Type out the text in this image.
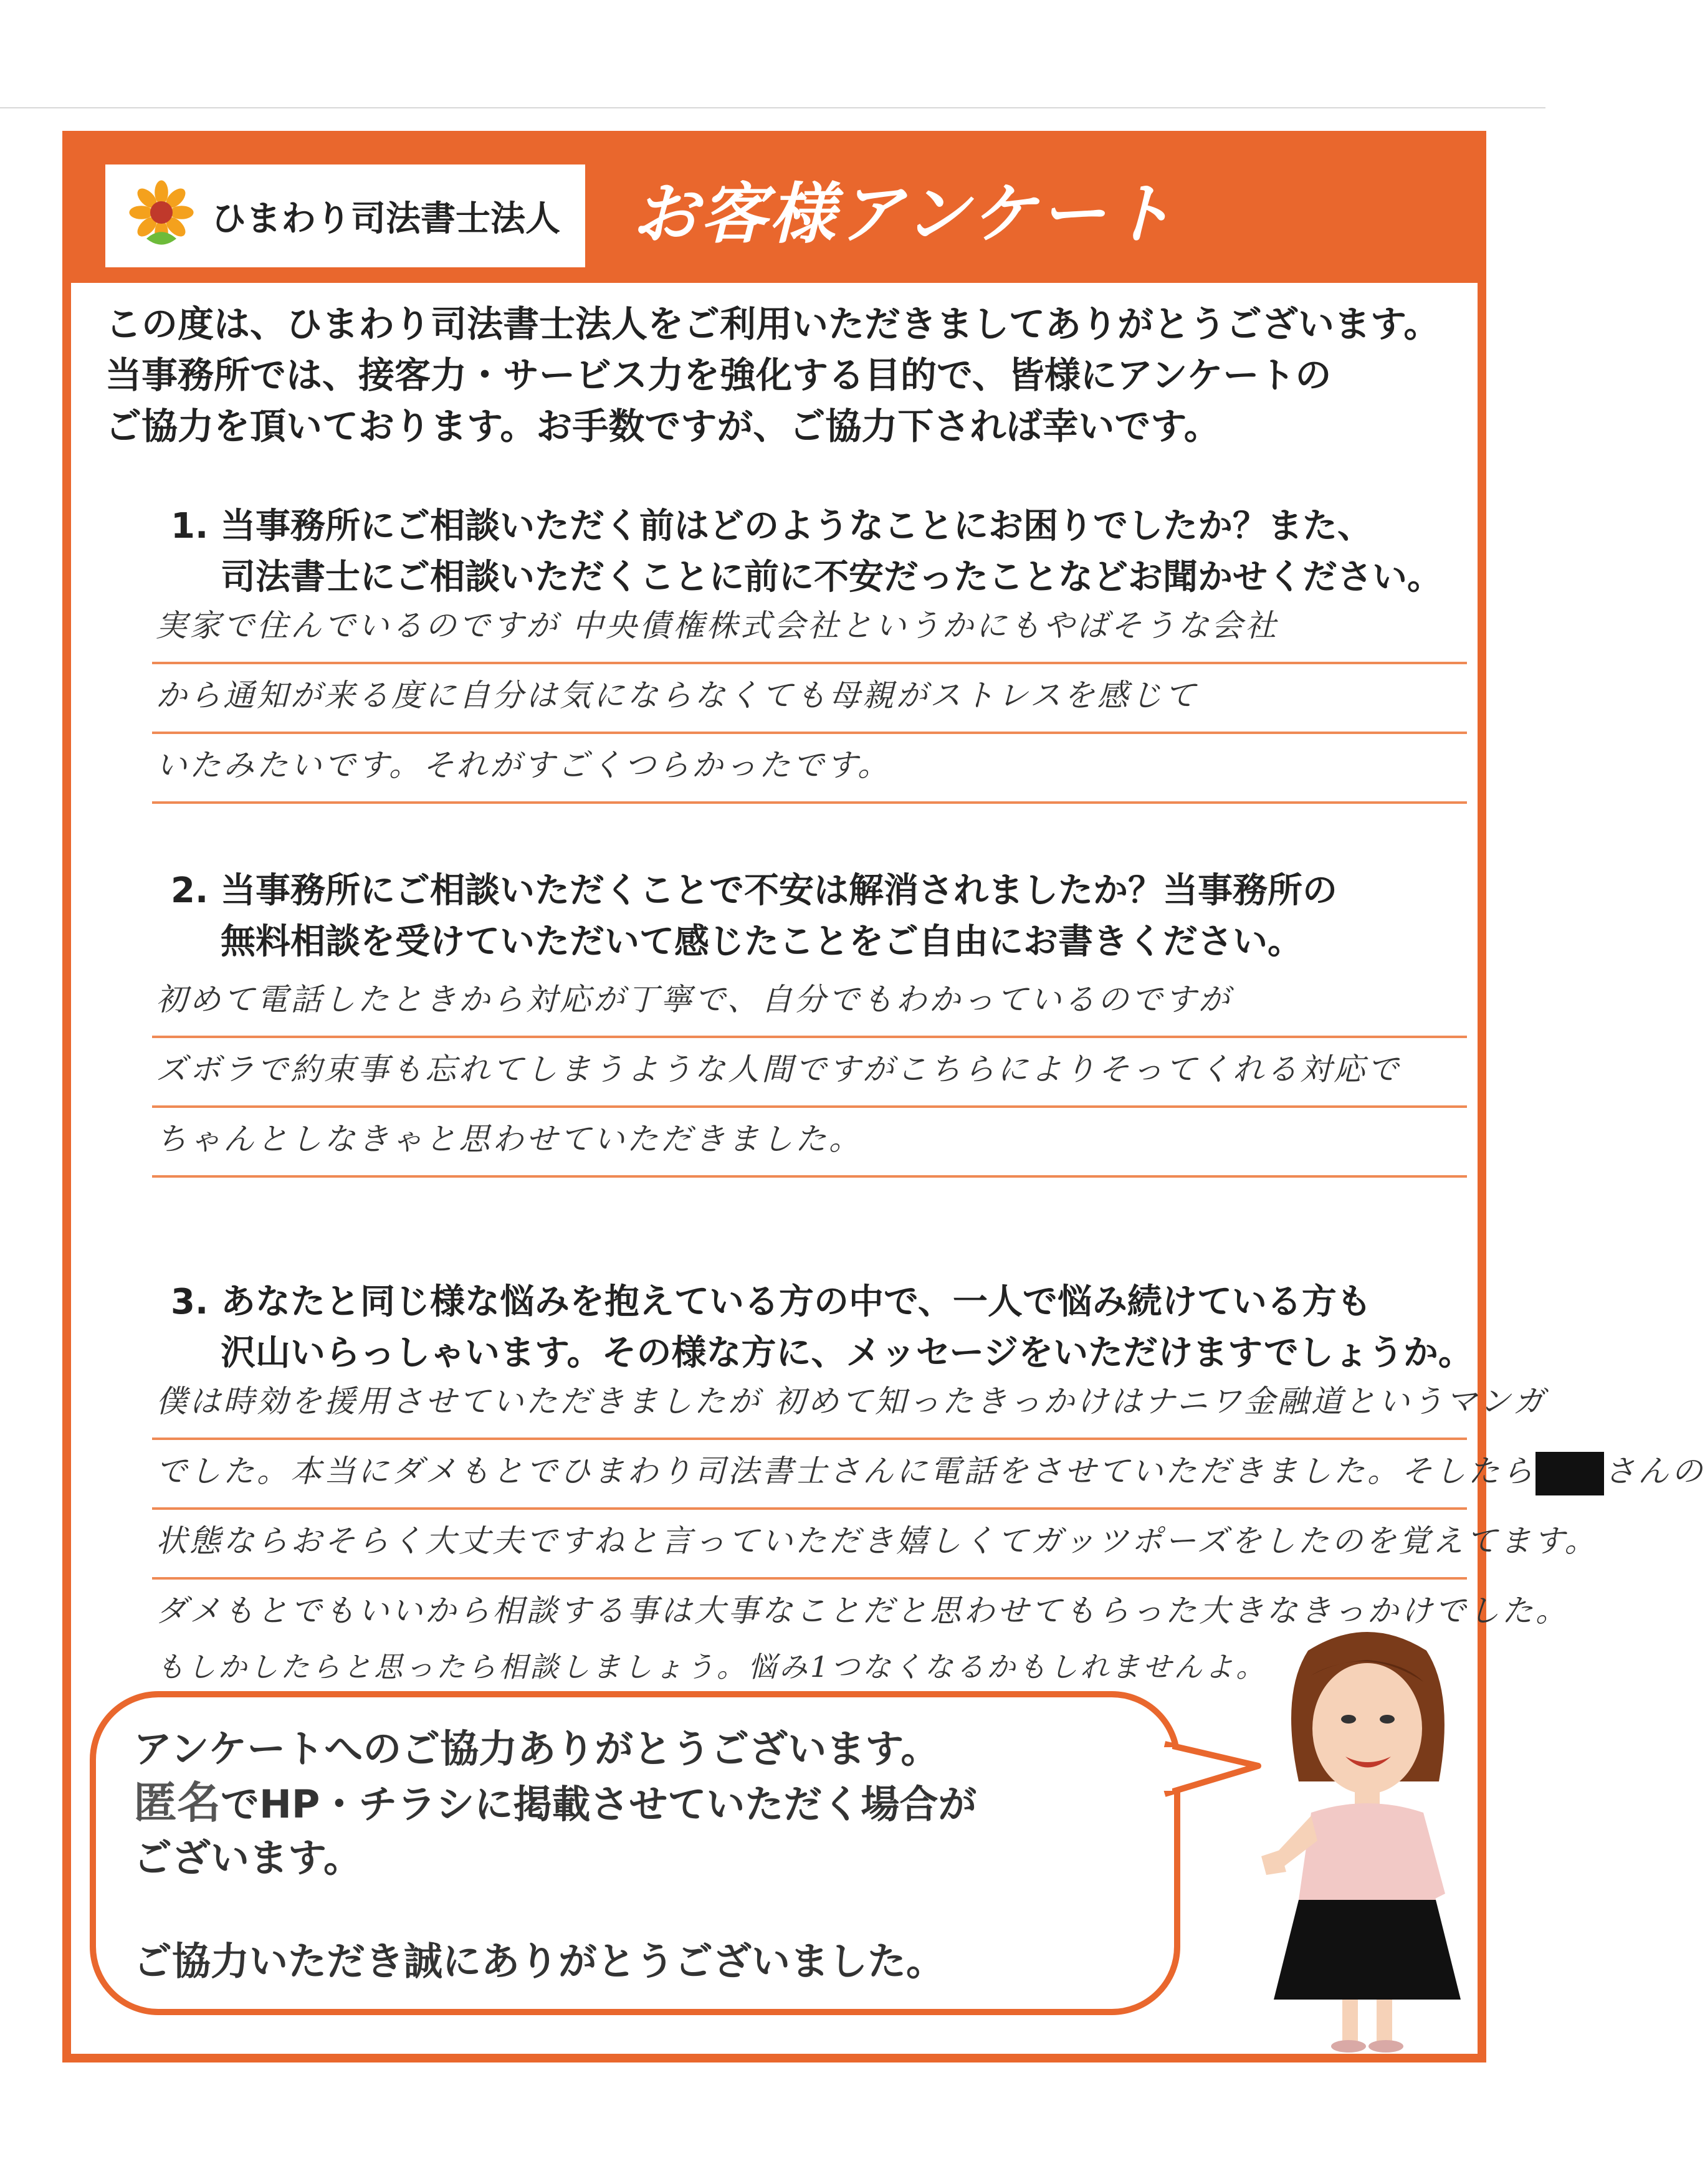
ひまわり司法書士法人 お客様アンケート
この度は、ひまわり司法書士法人をご利用いただきましてありがとうございます。
当事務所では、接客力・サービス力を強化する目的で、皆様にアンケートの
ご協力を頂いております。お手数ですが、ご協力下されば幸いです。
1. 当事務所にご相談いただく前はどのようなことにお困りでしたか？また、
司法書士にご相談いただくことに前に不安だったことなどお聞かせください。
実家で住んでいるのですが 中央債権株式会社というかにもやばそうな会社
から通知が来る度に自分は気にならなくても母親がストレスを感じて
いたみたいです。それがすごくつらかったです。
2. 当事務所にご相談いただくことで不安は解消されましたか？当事務所の
無料相談を受けていただいて感じたことをご自由にお書きください。
初めて電話したときから対応が丁寧で、自分でもわかっているのですが
ズボラで約束事も忘れてしまうような人間ですがこちらによりそってくれる対応で
ちゃんとしなきゃと思わせていただきました。
3. あなたと同じ様な悩みを抱えている方の中で、一人で悩み続けている方も
沢山いらっしゃいます。その様な方に、メッセージをいただけますでしょうか。
僕は時効を援用させていただきましたが 初めて知ったきっかけはナニワ金融道というマンガ
でした。本当にダメもとでひまわり司法書士さんに電話をさせていただきました。そしたら さんの
状態ならおそらく大丈夫ですねと言っていただき嬉しくてガッツポーズをしたのを覚えてます。
ダメもとでもいいから相談する事は大事なことだと思わせてもらった大きなきっかけでした。
もしかしたらと思ったら相談しましょう。悩み1つなくなるかもしれませんよ。
アンケートへのご協力ありがとうございます。
匿名でHP・チラシに掲載させていただく場合が
ございます。
ご協力いただき誠にありがとうございました。
